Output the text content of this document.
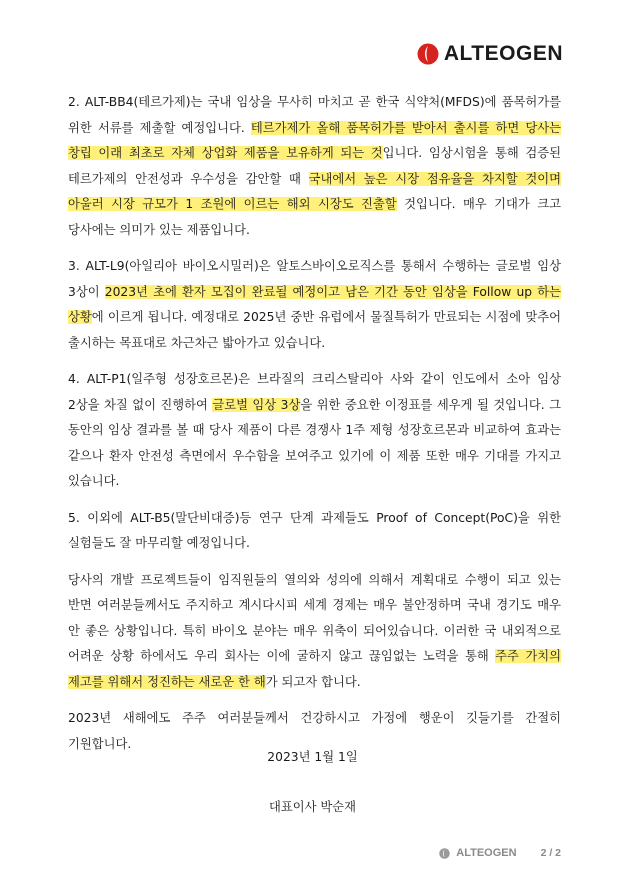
ALTEOGEN

2. ALT-BB4(테르가제)는 국내 임상을 무사히 마치고 곧 한국 식약처(MFDS)에 품목허가를 위한 서류를 제출할 예정입니다. 테르가제가 올해 품목허가를 받아서 출시를 하면 당사는 창립 이래 최초로 자체 상업화 제품을 보유하게 되는 것입니다. 임상시험을 통해 검증된 테르가제의 안전성과 우수성을 감안할 때 국내에서 높은 시장 점유율을 차지할 것이며 아울러 시장 규모가 1 조원에 이르는 해외 시장도 진출할 것입니다. 매우 기대가 크고 당사에는 의미가 있는 제품입니다.

3. ALT-L9(아일리아 바이오시밀러)은 알토스바이오로직스를 통해서 수행하는 글로벌 임상 3상이 2023년 초에 환자 모집이 완료될 예정이고 남은 기간 동안 임상을 Follow up 하는 상황에 이르게 됩니다. 예정대로 2025년 중반 유럽에서 물질특허가 만료되는 시점에 맞추어 출시하는 목표대로 차근차근 밟아가고 있습니다.

4. ALT-P1(일주형 성장호르몬)은 브라질의 크리스탈리아 사와 같이 인도에서 소아 임상 2상을 차질 없이 진행하여 글로벌 임상 3상을 위한 중요한 이정표를 세우게 될 것입니다. 그 동안의 임상 결과를 볼 때 당사 제품이 다른 경쟁사 1주 제형 성장호르몬과 비교하여 효과는 같으나 환자 안전성 측면에서 우수함을 보여주고 있기에 이 제품 또한 매우 기대를 가지고 있습니다.

5. 이외에 ALT-B5(말단비대증)등 연구 단계 과제들도 Proof of Concept(PoC)을 위한 실험들도 잘 마무리할 예정입니다.

당사의 개발 프로젝트들이 임직원들의 열의와 성의에 의해서 계획대로 수행이 되고 있는 반면 여러분들께서도 주지하고 계시다시피 세계 경제는 매우 불안정하며 국내 경기도 매우 안 좋은 상황입니다. 특히 바이오 분야는 매우 위축이 되어있습니다. 이러한 국 내외적으로 어려운 상황 하에서도 우리 회사는 이에 굴하지 않고 끊임없는 노력을 통해 주주 가치의 제고를 위해서 정진하는 새로운 한 해가 되고자 합니다.

2023년 새해에도 주주 여러분들께서 건강하시고 가정에 행운이 깃들기를 간절히 기원합니다.

2023년 1월 1일
대표이사 박순재
ALTEOGEN 2 / 2
